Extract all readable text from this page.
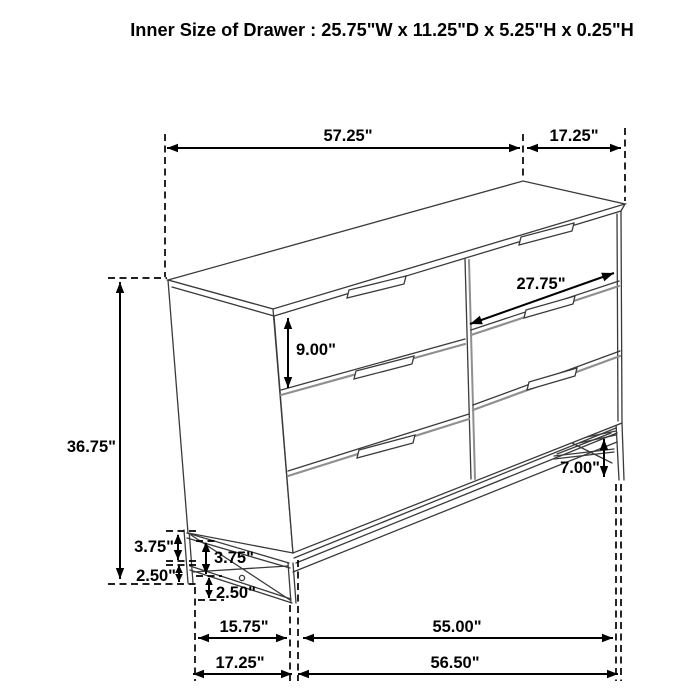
Inner Size of Drawer : 25.75"W x 11.25"D x 5.25"H x 0.25"H
57.25"	17.25"
36.75"
9.00"
27.75"
7.00"
3.75"
2.50"
3.75"
2.50"
15.75"
17.25"
55.00"
56.50"
